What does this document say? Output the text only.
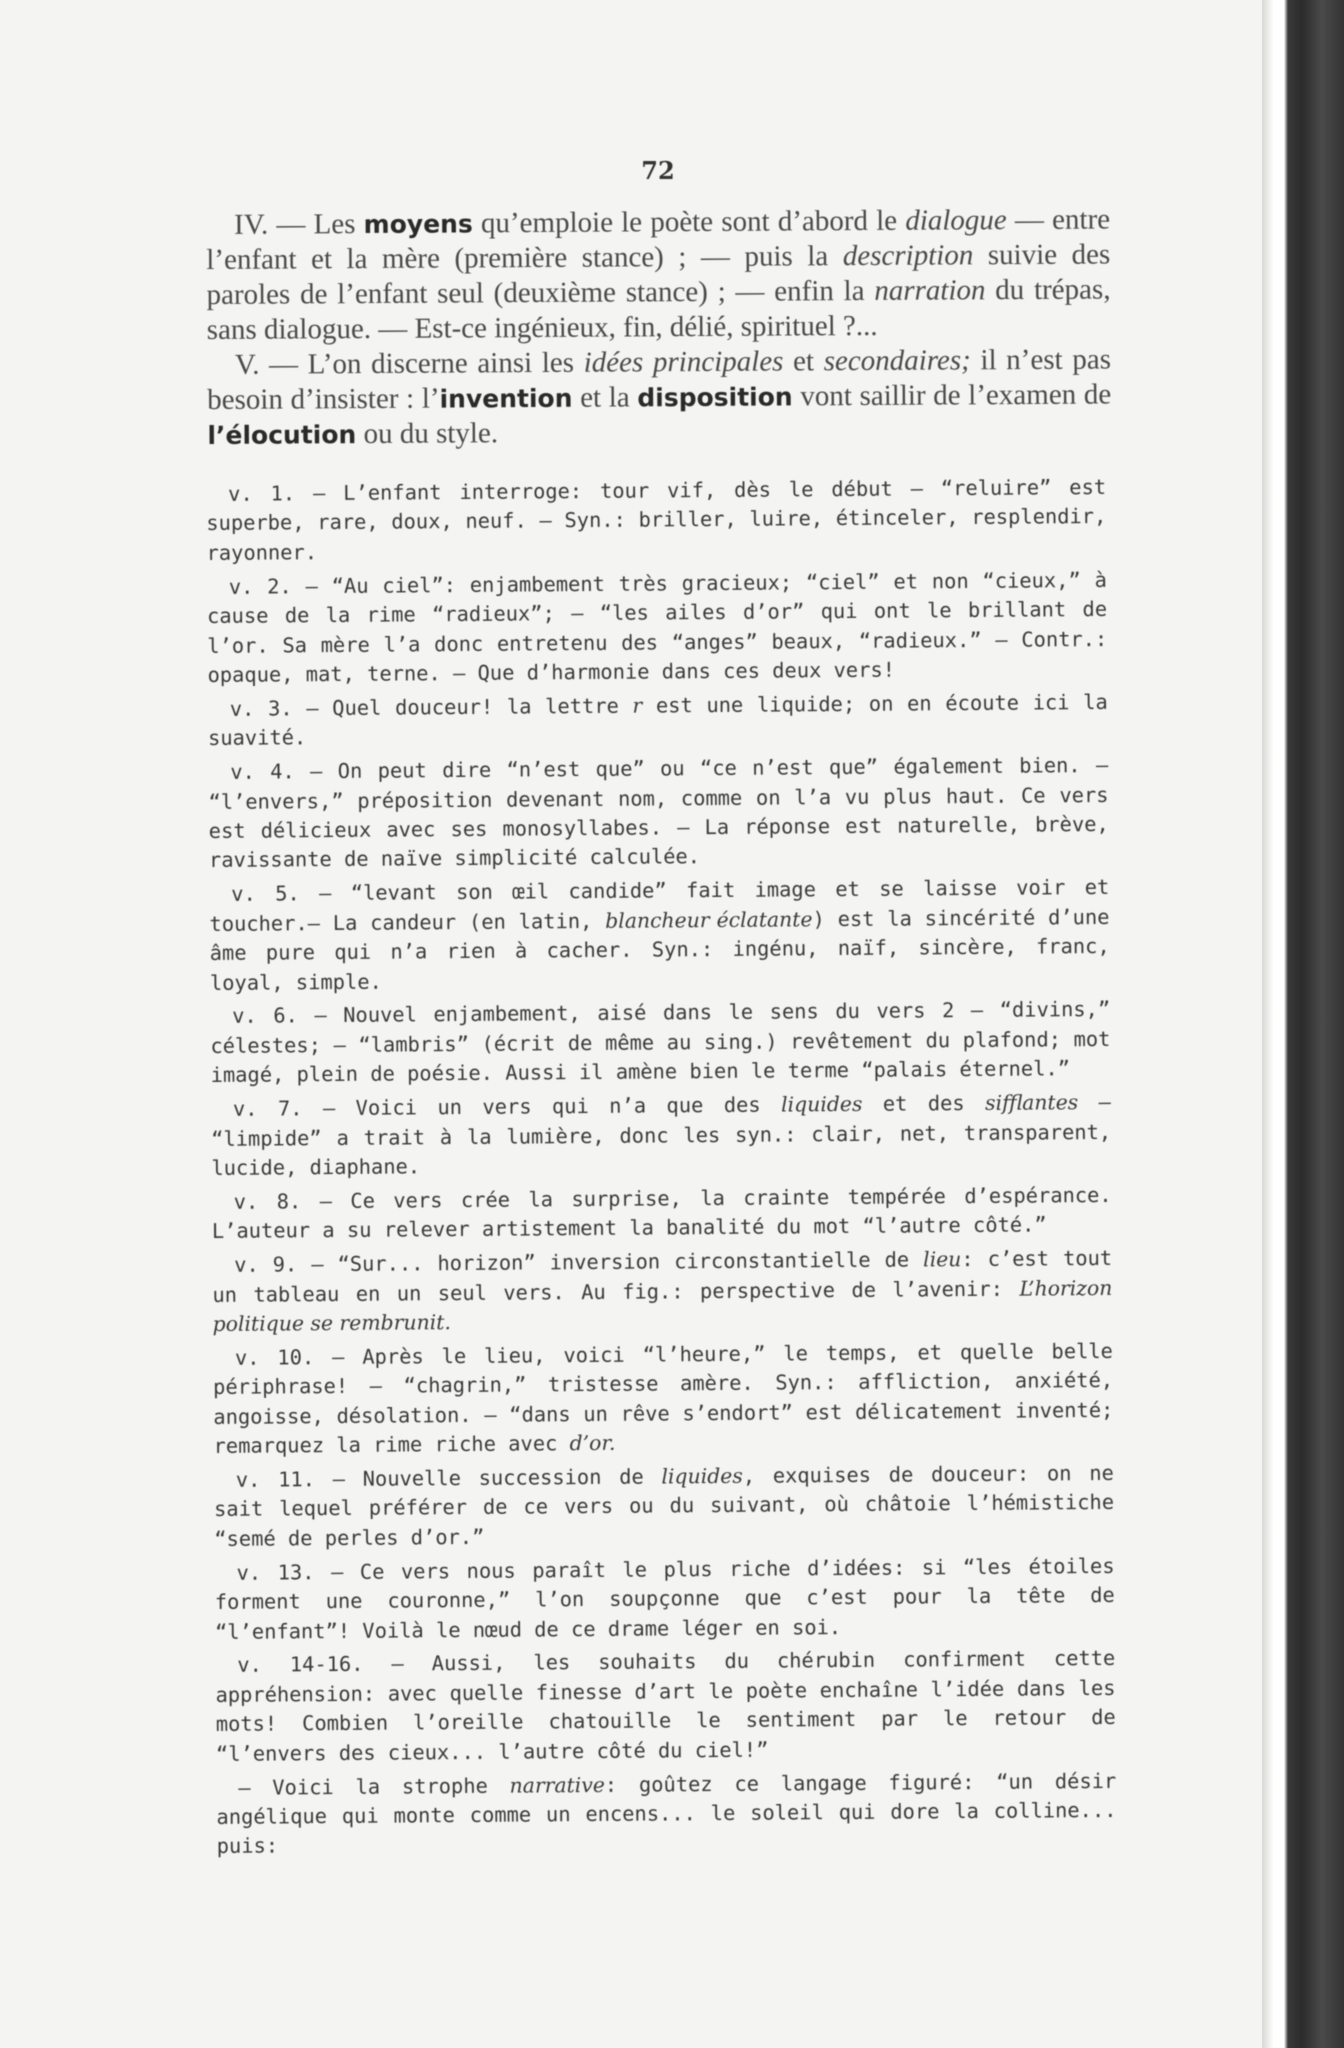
72

IV. — Les moyens qu’emploie le poète sont d’abord le dialogue — entre l’enfant et la mère (première stance) ; — puis la description suivie des paroles de l’enfant seul (deuxième stance) ; — enfin la narration du trépas, sans dialogue. — Est-ce ingénieux, fin, délié, spirituel ?...

V. — L’on discerne ainsi les idées principales et secondaires; il n’est pas besoin d’insister : l’invention et la disposition vont saillir de l’examen de l’élocution ou du style.

v. 1. — L’enfant interroge: tour vif, dès le début — “reluire” est superbe, rare, doux, neuf. — Syn.: briller, luire, étinceler, resplendir, rayonner.

v. 2. — “Au ciel”: enjambement très gracieux; “ciel” et non “cieux,” à cause de la rime “radieux”; — “les ailes d’or” qui ont le brillant de l’or. Sa mère l’a donc entretenu des “anges” beaux, “radieux.” — Contr.: opaque, mat, terne. — Que d’harmonie dans ces deux vers!

v. 3. — Quel douceur! la lettre r est une liquide; on en écoute ici la suavité.

v. 4. — On peut dire “n’est que” ou “ce n’est que” également bien. — “l’envers,” préposition devenant nom, comme on l’a vu plus haut. Ce vers est délicieux avec ses monosyllabes. — La réponse est naturelle, brève, ravissante de naïve simplicité calculée.

v. 5. — “levant son œil candide” fait image et se laisse voir et toucher.— La candeur (en latin, blancheur éclatante) est la sincérité d’une âme pure qui n’a rien à cacher. Syn.: ingénu, naïf, sincère, franc, loyal, simple.

v. 6. — Nouvel enjambement, aisé dans le sens du vers 2 — “divins,” célestes; — “lambris” (écrit de même au sing.) revêtement du plafond; mot imagé, plein de poésie. Aussi il amène bien le terme “palais éternel.”

v. 7. — Voici un vers qui n’a que des liquides et des sifflantes — “limpide” a trait à la lumière, donc les syn.: clair, net, transparent, lucide, diaphane.

v. 8. — Ce vers crée la surprise, la crainte tempérée d’espérance. L’auteur a su relever artistement la banalité du mot “l’autre côté.”

v. 9. — “Sur... horizon” inversion circonstantielle de lieu: c’est tout un tableau en un seul vers. Au fig.: perspective de l’avenir: L’horizon politique se rembrunit.

v. 10. — Après le lieu, voici “l’heure,” le temps, et quelle belle périphrase! — “chagrin,” tristesse amère. Syn.: affliction, anxiété, angoisse, désolation. — “dans un rêve s’endort” est délicatement inventé; remarquez la rime riche avec d’or.

v. 11. — Nouvelle succession de liquides, exquises de douceur: on ne sait lequel préférer de ce vers ou du suivant, où châtoie l’hémistiche “semé de perles d’or.”

v. 13. — Ce vers nous paraît le plus riche d’idées: si “les étoiles forment une couronne,” l’on soupçonne que c’est pour la tête de “l’enfant”! Voilà le nœud de ce drame léger en soi.

v. 14-16. — Aussi, les souhaits du chérubin confirment cette appréhension: avec quelle finesse d’art le poète enchaîne l’idée dans les mots! Combien l’oreille chatouille le sentiment par le retour de “l’envers des cieux... l’autre côté du ciel!”

— Voici la strophe narrative: goûtez ce langage figuré: “un désir angélique qui monte comme un encens... le soleil qui dore la colline... puis:
